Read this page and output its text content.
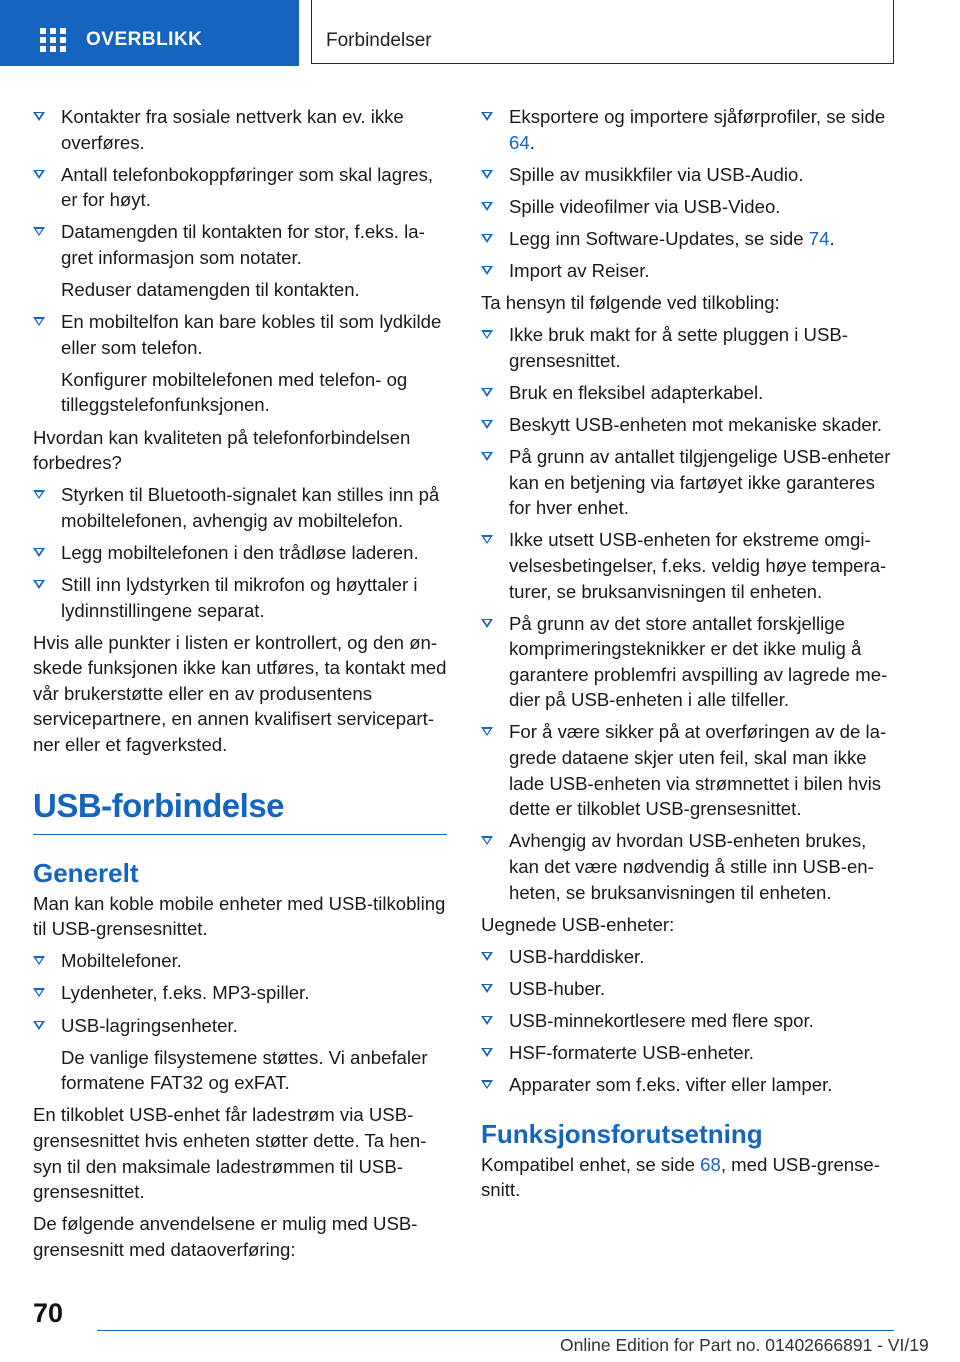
OVERBLIKK	Forbindelser
Kontakter fra sosiale nettverk kan ev. ikke overføres.
Antall telefonbokoppføringer som skal lagres, er for høyt.
Datamengden til kontakten for stor, f.eks. lagret informasjon som notater.
Reduser datamengden til kontakten.
En mobiltelfon kan bare kobles til som lydkilde eller som telefon.
Konfigurer mobiltelefonen med telefon- og tilleggstelefonfunksjonen.
Hvordan kan kvaliteten på telefonforbindelsen forbedres?
Styrken til Bluetooth-signalet kan stilles inn på mobiltelefonen, avhengig av mobiltelefon.
Legg mobiltelefonen i den trådløse laderen.
Still inn lydstyrken til mikrofon og høyttaler i lydinnstillingene separat.
Hvis alle punkter i listen er kontrollert, og den ønskede funksjonen ikke kan utføres, ta kontakt med vår brukerstøtte eller en av produsentens servicepartnere, en annen kvalifisert servicepartner eller et fagverksted.
USB-forbindelse
Generelt
Man kan koble mobile enheter med USB-tilkobling til USB-grensesnittet.
Mobiltelefoner.
Lydenheter, f.eks. MP3-spiller.
USB-lagringsenheter.
De vanlige filsystemene støttes. Vi anbefaler formatene FAT32 og exFAT.
En tilkoblet USB-enhet får ladestrøm via USB-grensesnittet hvis enheten støtter dette. Ta hensyn til den maksimale ladestrømmen til USB-grensesnittet.
De følgende anvendelsene er mulig med USB-grensesnitt med dataoverføring:
Eksportere og importere sjåførprofiler, se side 64.
Spille av musikkfiler via USB-Audio.
Spille videofilmer via USB-Video.
Legg inn Software-Updates, se side 74.
Import av Reiser.
Ta hensyn til følgende ved tilkobling:
Ikke bruk makt for å sette pluggen i USB-grensesnittet.
Bruk en fleksibel adapterkabel.
Beskytt USB-enheten mot mekaniske skader.
På grunn av antallet tilgjengelige USB-enheter kan en betjening via fartøyet ikke garanteres for hver enhet.
Ikke utsett USB-enheten for ekstreme omgivelsesbetingelser, f.eks. veldig høye temperaturer, se bruksanvisningen til enheten.
På grunn av det store antallet forskjellige komprimeringsteknikker er det ikke mulig å garantere problemfri avspilling av lagrede medier på USB-enheten i alle tilfeller.
For å være sikker på at overføringen av de lagrede dataene skjer uten feil, skal man ikke lade USB-enheten via strømnettet i bilen hvis dette er tilkoblet USB-grensesnittet.
Avhengig av hvordan USB-enheten brukes, kan det være nødvendig å stille inn USB-enheten, se bruksanvisningen til enheten.
Uegnede USB-enheter:
USB-harddisker.
USB-huber.
USB-minnekortlesere med flere spor.
HSF-formaterte USB-enheter.
Apparater som f.eks. vifter eller lamper.
Funksjonsforutsetning
Kompatibel enhet, se side 68, med USB-grensesnitt.
70
Online Edition for Part no. 01402666891 - VI/19
